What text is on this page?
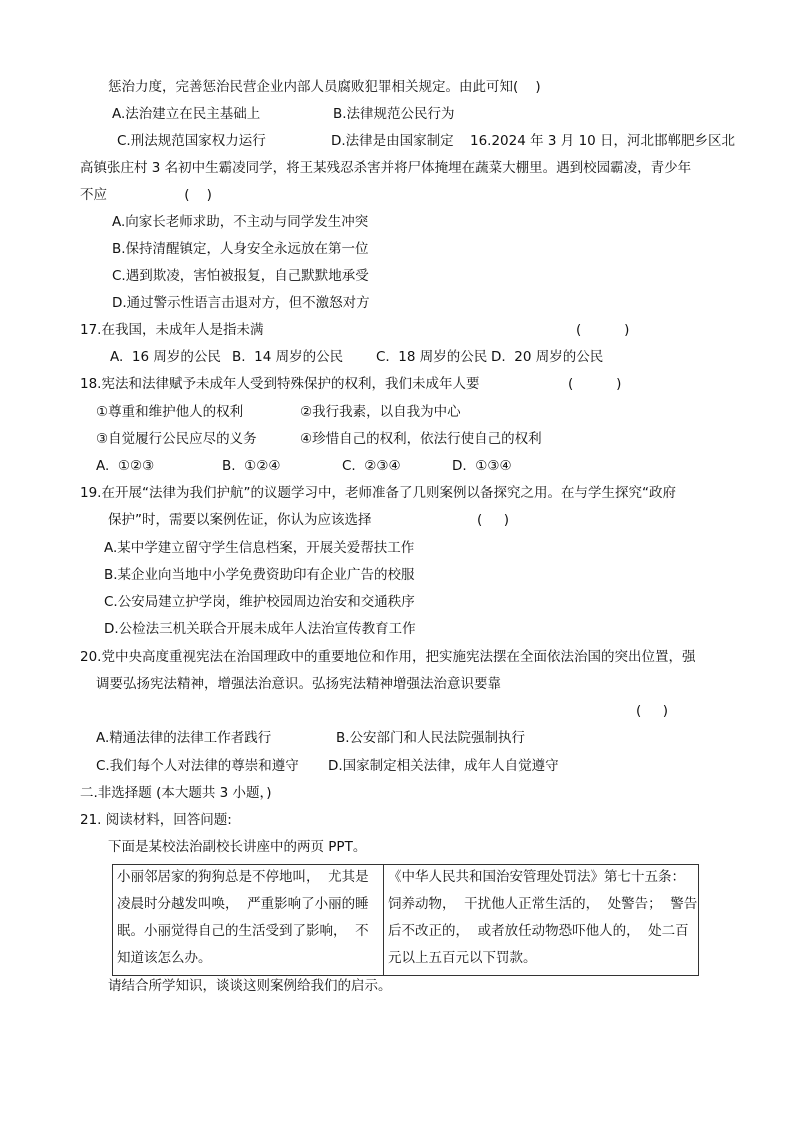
惩治力度，完善惩治民营企业内部人员腐败犯罪相关规定。由此可知(    )
A.法治建立在民主基础上	B.法律规范公民行为
C.刑法规范国家权力运行	D.法律是由国家制定 16.2024 年 3 月 10 日，河北邯郸肥乡区北
高镇张庄村 3 名初中生霸凌同学，将王某残忍杀害并将尸体掩埋在蔬菜大棚里。遇到校园霸凌，青少年
不应                  (    )
A.向家长老师求助，不主动与同学发生冲突
B.保持清醒镇定，人身安全永远放在第一位
C.遇到欺凌，害怕被报复，自己默默地承受
D.通过警示性语言击退对方，但不激怒对方
17.在我国，未成年人是指未满	(          )
A.  16 周岁的公民 B.  14 周岁的公民 C.  18 周岁的公民 D.  20 周岁的公民
18.宪法和法律赋予未成年人受到特殊保护的权利，我们未成年人要	(          )
①尊重和维护他人的权利	②我行我素，以自我为中心
③自觉履行公民应尽的义务	④珍惜自己的权利，依法行使自己的权利
A.  ①②③	B.  ①②④	C.  ②③④	D.  ①③④
19.在开展“法律为我们护航”的议题学习中，老师准备了几则案例以备探究之用。在与学生探究“政府
保护”时，需要以案例佐证，你认为应该选择	(     )
A.某中学建立留守学生信息档案，开展关爱帮扶工作
B.某企业向当地中小学免费资助印有企业广告的校服
C.公安局建立护学岗，维护校园周边治安和交通秩序
D.公检法三机关联合开展未成年人法治宣传教育工作
20.党中央高度重视宪法在治国理政中的重要地位和作用，把实施宪法摆在全面依法治国的突出位置，强
调要弘扬宪法精神，增强法治意识。弘扬宪法精神增强法治意识要靠
(     )
A.精通法律的法律工作者践行	B.公安部门和人民法院强制执行
C.我们每个人对法律的尊崇和遵守 D.国家制定相关法律，成年人自觉遵守
二.非选择题 (本大题共 3 小题，)
21. 阅读材料，回答问题:
下面是某校法治副校长讲座中的两页 PPT。
小丽邻居家的狗狗总是不停地叫，  尤其是
凌晨时分越发叫唤，  严重影响了小丽的睡
眠。小丽觉得自己的生活受到了影响，  不
知道该怎么办。
《中华人民共和国治安管理处罚法》第七十五条：
饲养动物，  干扰他人正常生活的，  处警告；  警告
后不改正的，  或者放任动物恐吓他人的，  处二百
元以上五百元以下罚款。
请结合所学知识，谈谈这则案例给我们的启示。
